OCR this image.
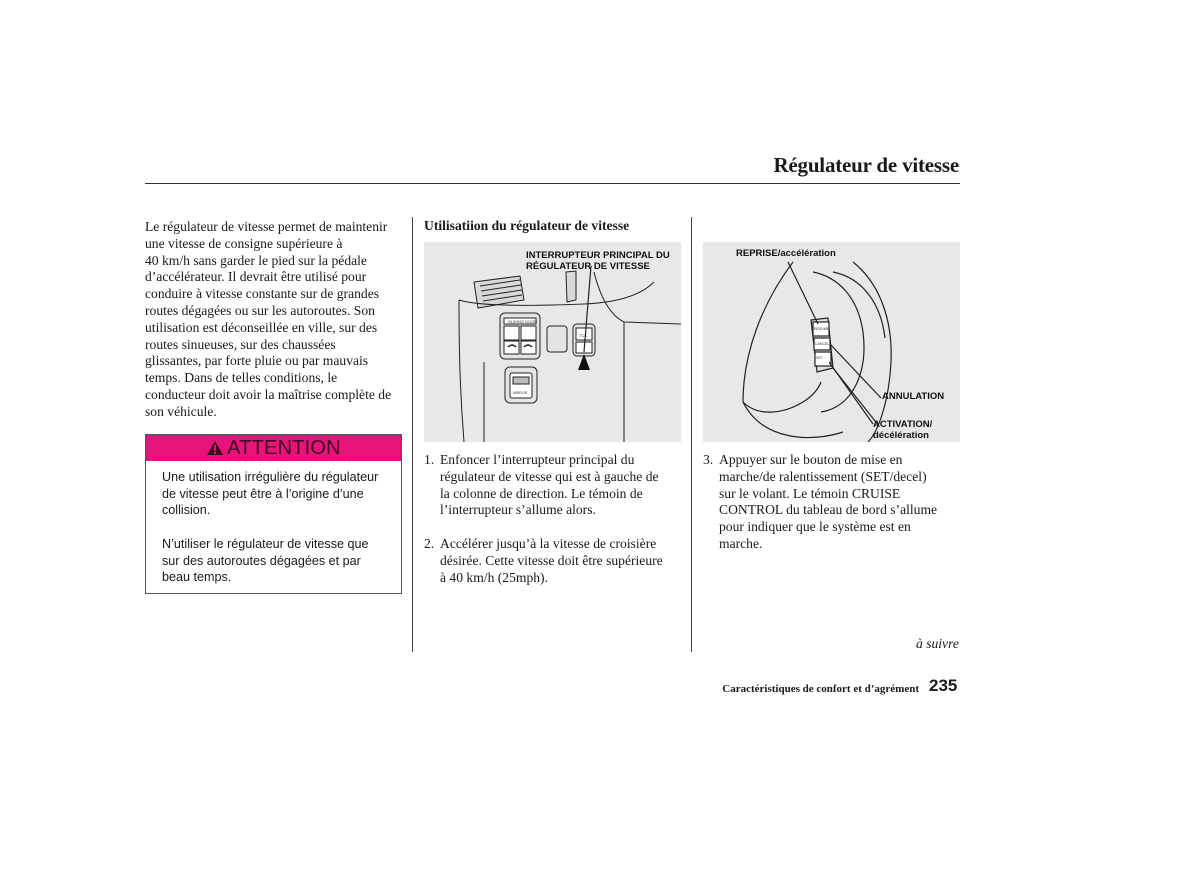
Régulateur de vitesse
Le régulateur de vitesse permet de maintenir
une vitesse de consigne supérieure à
40 km/h sans garder le pied sur la pédale
d’accélérateur. Il devrait être utilisé pour
conduire à vitesse constante sur de grandes
routes dégagées ou sur les autoroutes. Son
utilisation est déconseillée en ville, sur des
routes sinueuses, sur des chaussées
glissantes, par forte pluie ou par mauvais
temps. Dans de telles conditions, le
conducteur doit avoir la maîtrise complète de
son véhicule.
ATTENTION
Une utilisation irrégulière du régulateur
de vitesse peut être à l’origine d’une
collision.
N’utiliser le régulateur de vitesse que
sur des autoroutes dégagées et par
beau temps.
Utilisatiion du régulateur de vitesse
INTERRUPTEUR PRINCIPAL DU
RÉGULATEUR DE VITESSE
SLIDING DOOR
TCS
MIRROR
REPRISE/accélération
ANNULATION
ACTIVATION/
décélération
RESUME
CANCEL
SET
1. Enfoncer l’interrupteur principal du
régulateur de vitesse qui est à gauche de
la colonne de direction. Le témoin de
l’interrupteur s’allume alors.
2. Accélérer jusqu’à la vitesse de croisière
désirée. Cette vitesse doit être supérieure
à 40 km/h (25mph).
3. Appuyer sur le bouton de mise en
marche/de ralentissement (SET/decel)
sur le volant. Le témoin CRUISE
CONTROL du tableau de bord s’allume
pour indiquer que le système est en
marche.
à suivre
Caractéristiques de confort et d’agrément 235
